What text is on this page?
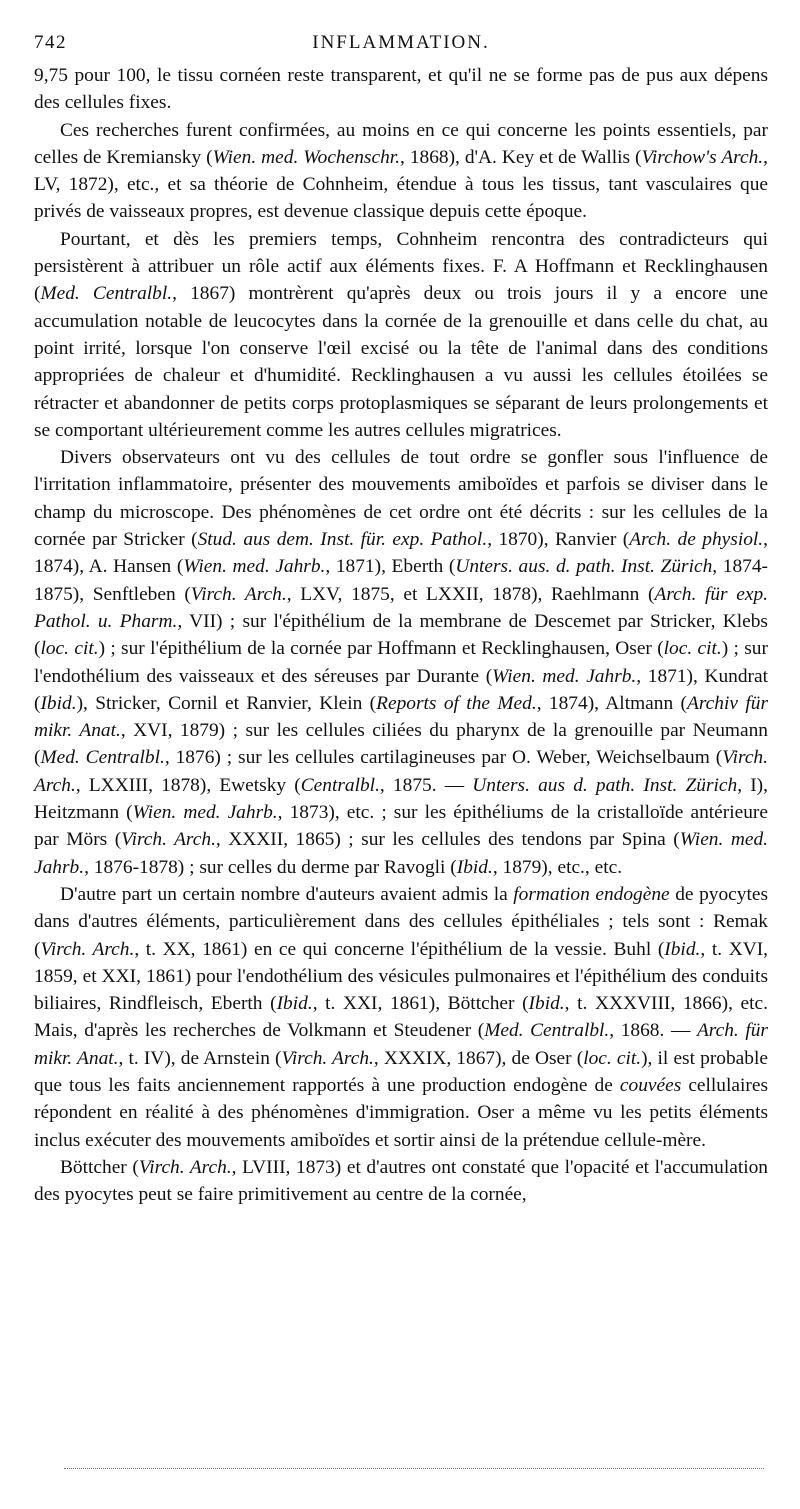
742	INFLAMMATION.

9,75 pour 100, le tissu cornéen reste transparent, et qu'il ne se forme pas de pus aux dépens des cellules fixes.

Ces recherches furent confirmées, au moins en ce qui concerne les points essentiels, par celles de Kremiansky (Wien. med. Wochenschr., 1868), d'A. Key et de Wallis (Virchow's Arch., LV, 1872), etc., et sa théorie de Cohnheim, étendue à tous les tissus, tant vasculaires que privés de vaisseaux propres, est devenue classique depuis cette époque.

Pourtant, et dès les premiers temps, Cohnheim rencontra des contradicteurs qui persistèrent à attribuer un rôle actif aux éléments fixes. F. A Hoffmann et Recklinghausen (Med. Centralbl., 1867) montrèrent qu'après deux ou trois jours il y a encore une accumulation notable de leucocytes dans la cornée de la grenouille et dans celle du chat, au point irrité, lorsque l'on conserve l'œil excisé ou la tête de l'animal dans des conditions appropriées de chaleur et d'humidité. Recklinghausen a vu aussi les cellules étoilées se rétracter et abandonner de petits corps protoplasmiques se séparant de leurs prolongements et se comportant ultérieurement comme les autres cellules migratrices.

Divers observateurs ont vu des cellules de tout ordre se gonfler sous l'influence de l'irritation inflammatoire, présenter des mouvements amiboïdes et parfois se diviser dans le champ du microscope. Des phénomènes de cet ordre ont été décrits : sur les cellules de la cornée par Stricker (Stud. aus dem. Inst. für. exp. Pathol., 1870), Ranvier (Arch. de physiol., 1874), A. Hansen (Wien. med. Jahrb., 1871), Eberth (Unters. aus. d. path. Inst. Zürich, 1874-1875), Senftleben (Virch. Arch., LXV, 1875, et LXXII, 1878), Raehlmann (Arch. für exp. Pathol. u. Pharm., VII) ; sur l'épithélium de la membrane de Descemet par Stricker, Klebs (loc. cit.) ; sur l'épithélium de la cornée par Hoffmann et Recklinghausen, Oser (loc. cit.) ; sur l'endothélium des vaisseaux et des séreuses par Durante (Wien. med. Jahrb., 1871), Kundrat (Ibid.), Stricker, Cornil et Ranvier, Klein (Reports of the Med., 1874), Altmann (Archiv für mikr. Anat., XVI, 1879) ; sur les cellules ciliées du pharynx de la grenouille par Neumann (Med. Centralbl., 1876) ; sur les cellules cartilagineuses par O. Weber, Weichselbaum (Virch. Arch., LXXIII, 1878), Ewetsky (Centralbl., 1875. — Unters. aus d. path. Inst. Zürich, I), Heitzmann (Wien. med. Jahrb., 1873), etc. ; sur les épithéliums de la cristalloïde antérieure par Mörs (Virch. Arch., XXXII, 1865) ; sur les cellules des tendons par Spina (Wien. med. Jahrb., 1876-1878) ; sur celles du derme par Ravogli (Ibid., 1879), etc., etc.

D'autre part un certain nombre d'auteurs avaient admis la formation endogène de pyocytes dans d'autres éléments, particulièrement dans des cellules épithéliales ; tels sont : Remak (Virch. Arch., t. XX, 1861) en ce qui concerne l'épithélium de la vessie. Buhl (Ibid., t. XVI, 1859, et XXI, 1861) pour l'endothélium des vésicules pulmonaires et l'épithélium des conduits biliaires, Rindfleisch, Eberth (Ibid., t. XXI, 1861), Böttcher (Ibid., t. XXXVIII, 1866), etc. Mais, d'après les recherches de Volkmann et Steudener (Med. Centralbl., 1868. — Arch. für mikr. Anat., t. IV), de Arnstein (Virch. Arch., XXXIX, 1867), de Oser (loc. cit.), il est probable que tous les faits anciennement rapportés à une production endogène de couvées cellulaires répondent en réalité à des phénomènes d'immigration. Oser a même vu les petits éléments inclus exécuter des mouvements amiboïdes et sortir ainsi de la prétendue cellule-mère.

Böttcher (Virch. Arch., LVIII, 1873) et d'autres ont constaté que l'opacité et l'accumulation des pyocytes peut se faire primitivement au centre de la cornée,
